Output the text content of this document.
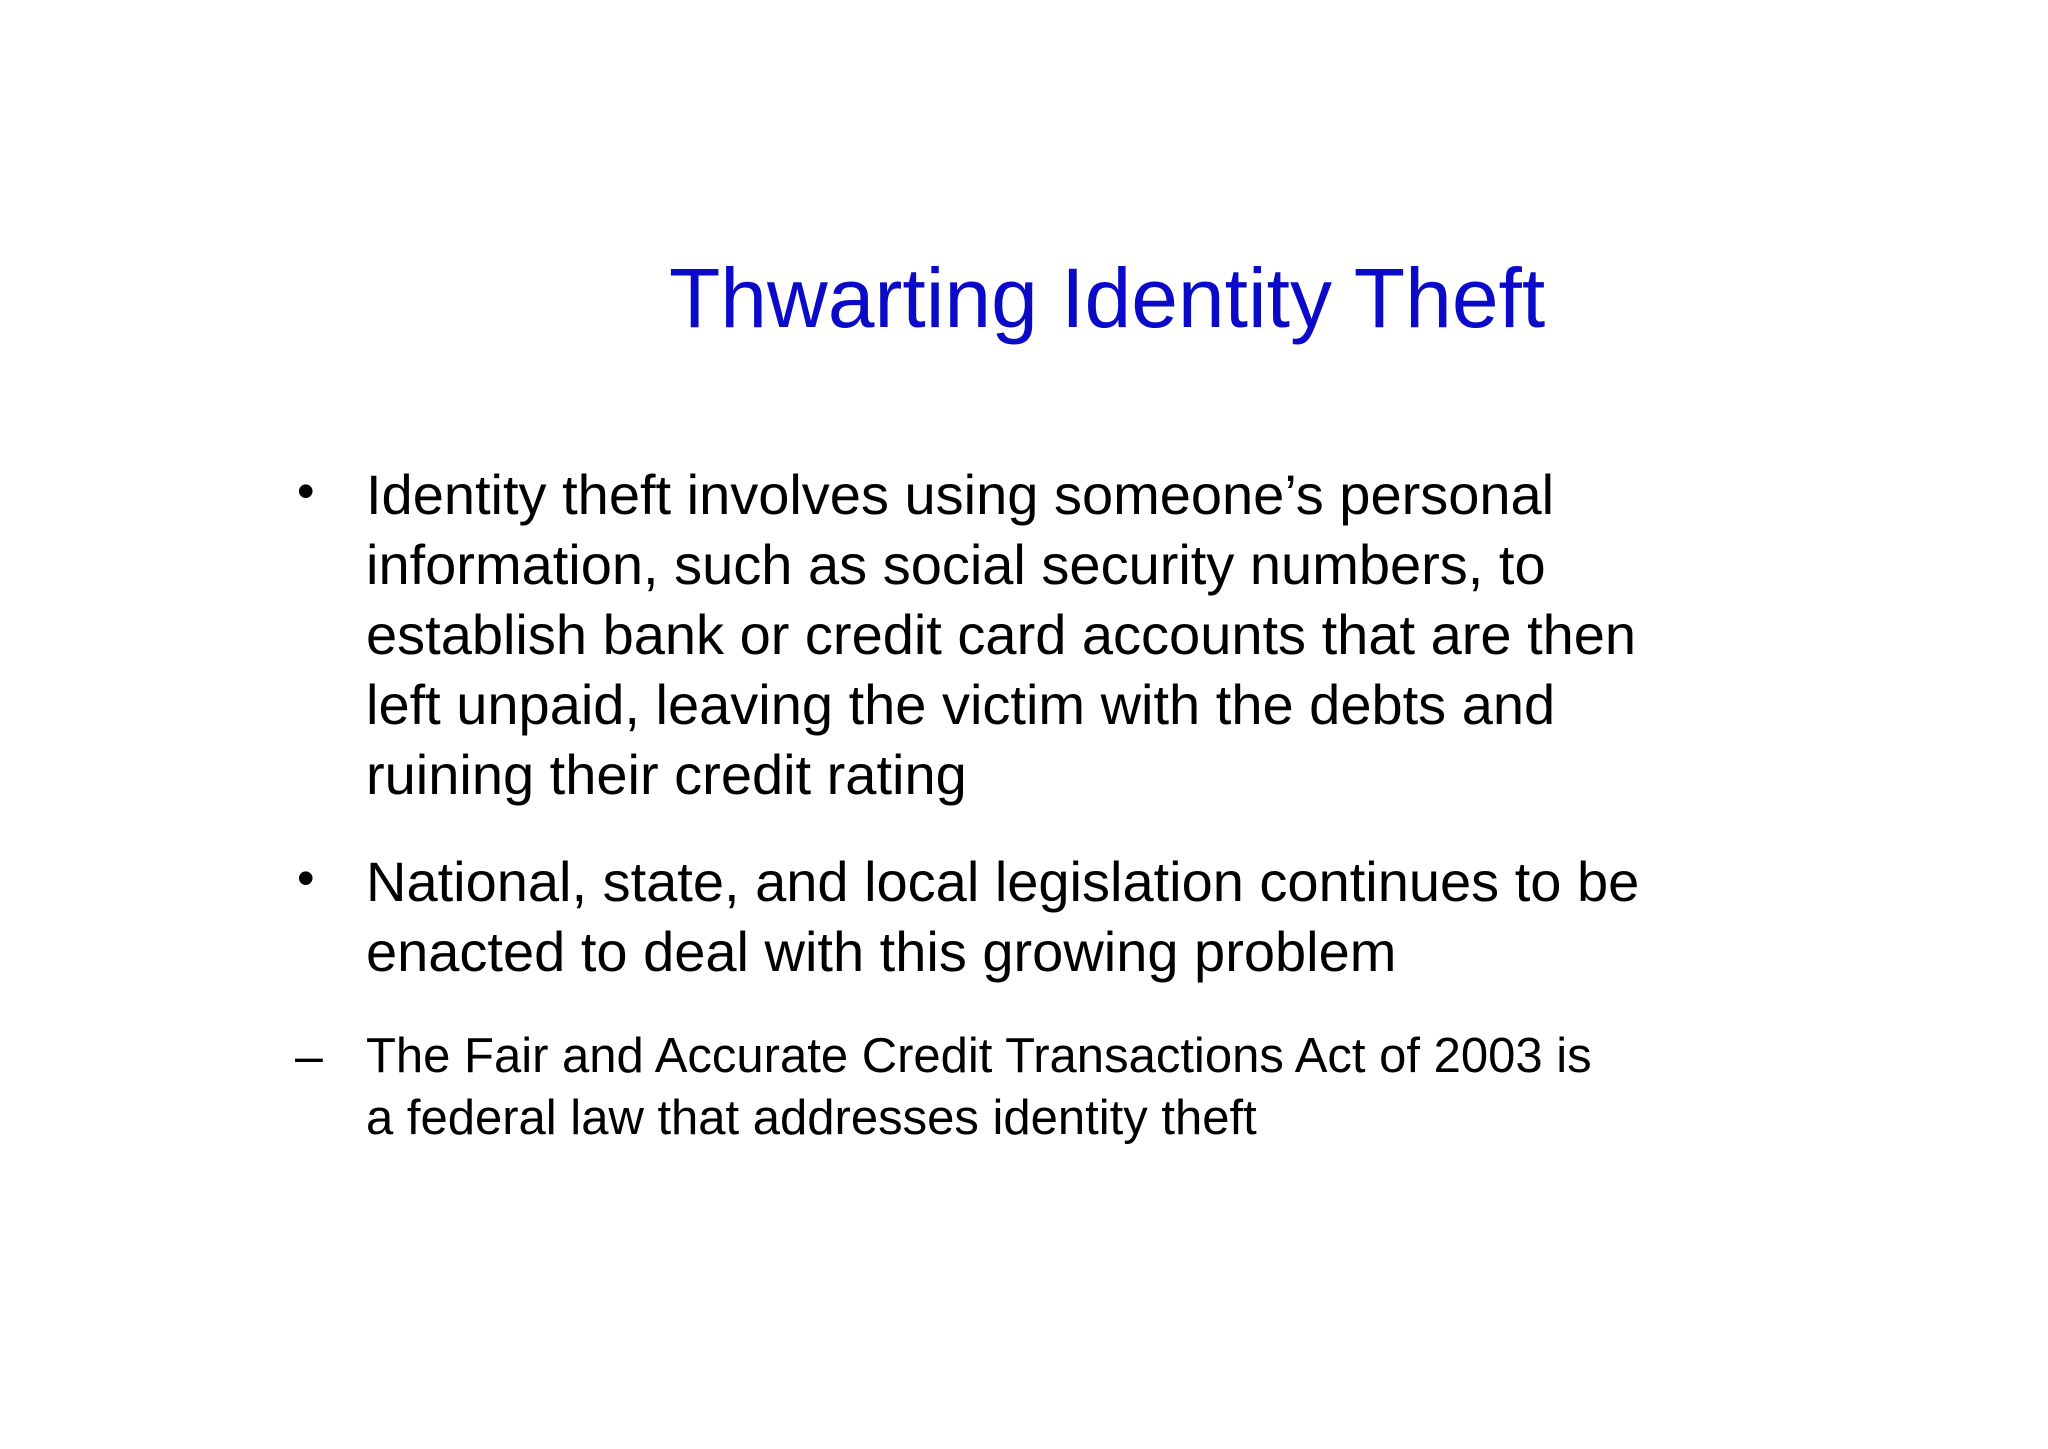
Thwarting Identity Theft
• Identity theft involves using someone’s personal
information, such as social security numbers, to
establish bank or credit card accounts that are then
left unpaid, leaving the victim with the debts and
ruining their credit rating
• National, state, and local legislation continues to be
enacted to deal with this growing problem
– The Fair and Accurate Credit Transactions Act of 2003 is
a federal law that addresses identity theft
